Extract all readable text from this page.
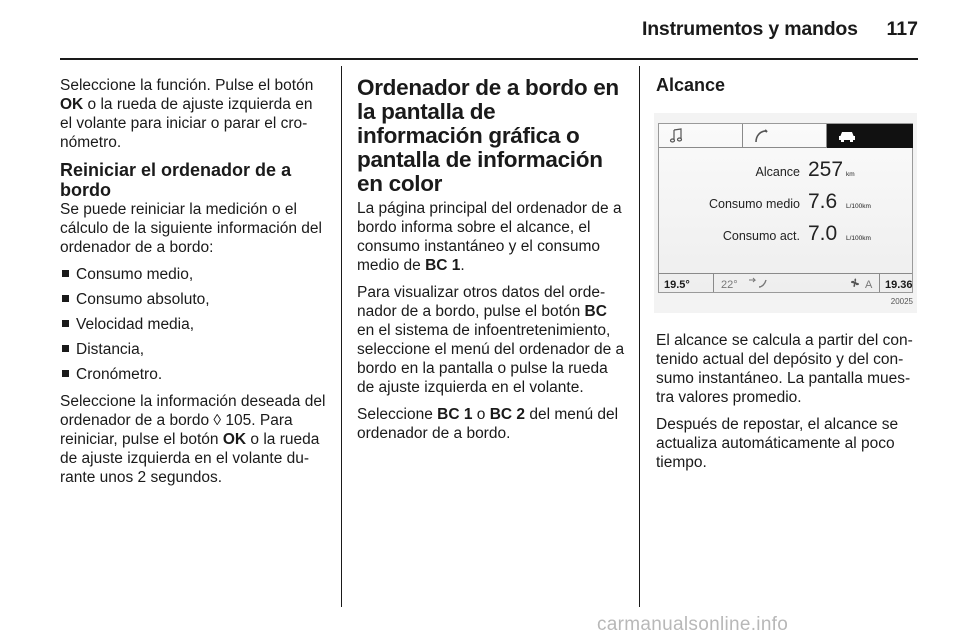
Instrumentos y mandos 117

Seleccione la función. Pulse el botón OK o la rueda de ajuste izquierda en el volante para iniciar o parar el cro-nómetro.

Reiniciar el ordenador de a bordo

Se puede reiniciar la medición o el cálculo de la siguiente información del ordenador de a bordo:

Consumo medio,
Consumo absoluto,
Velocidad media,
Distancia,
Cronómetro.

Seleccione la información deseada del ordenador de a bordo ◊ 105. Para reiniciar, pulse el botón OK o la rueda de ajuste izquierda en el volante du-rante unos 2 segundos.

Ordenador de a bordo en la pantalla de información gráfica o pantalla de información en color

La página principal del ordenador de a bordo informa sobre el alcance, el consumo instantáneo y el consumo medio de BC 1.

Para visualizar otros datos del orde-nador de a bordo, pulse el botón BC en el sistema de infoentretenimiento, seleccione el menú del ordenador de a bordo en la pantalla o pulse la rueda de ajuste izquierda en el volante.

Seleccione BC 1 o BC 2 del menú del ordenador de a bordo.

Alcance
Alcance 257 km
Consumo medio 7.6	L/100km
Consumo act. 7.0	L/100km
19.5°	22°	A 19.36
20025

El alcance se calcula a partir del con-tenido actual del depósito y del con-sumo instantáneo. La pantalla mues-tra valores promedio.

Después de repostar, el alcance se actualiza automáticamente al poco tiempo.

carmanualsonline.info
